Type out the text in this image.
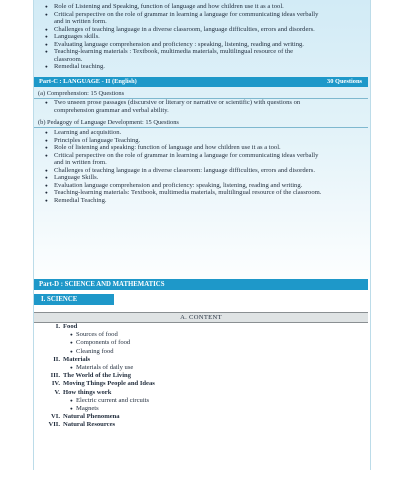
● Role of Listening and Speaking, function of language and how children use it as a tool.
● Critical perspective on the role of grammar in learning a language for communicating ideas verbally
and in written form.
● Challenges of teaching language in a diverse classroom, language difficulties, errors and disorders.
● Languages skills.
● Evaluating language comprehension and proficiency : speaking, listening, reading and writing.
● Teaching-learning materials : Textbook, multimedia materials, multilingual resource of the
classroom.
● Remedial teaching.
Part-C : LANGUAGE - II (English)	30 Questions
(a) Comprehension: 15 Questions
● Two unseen prose passages (discursive or literary or narrative or scientific) with questions on
comprehension grammar and verbal ability.
(b) Pedagogy of Language Development: 15 Questions
● Learning and acquisition.
● Principles of language Teaching.
● Role of listening and speaking: function of language and how children use it as a tool.
● Critical perspective on the role of grammar in learning a language for communicating ideas verbally
and in written from.
● Challenges of teaching language in a diverse classroom: language difficulties, errors and disorders.
● Language Skills.
● Evaluation language comprehension and proficiency: speaking, listening, reading and writing.
● Teaching-learning materials: Textbook, multimedia materials, multilingual resource of the classroom.
● Remedial Teaching.
Part-D : SCIENCE AND MATHEMATICS
I. SCIENCE
A. CONTENT
I. Food
● Sources of food
● Components of food
● Cleaning food
II. Materials
● Materials of daily use
III. The World of the Living
IV. Moving Things People and Ideas
V. How things work
● Electric current and circuits
● Magnets
VI. Natural Phenomena
VII. Natural Resources
